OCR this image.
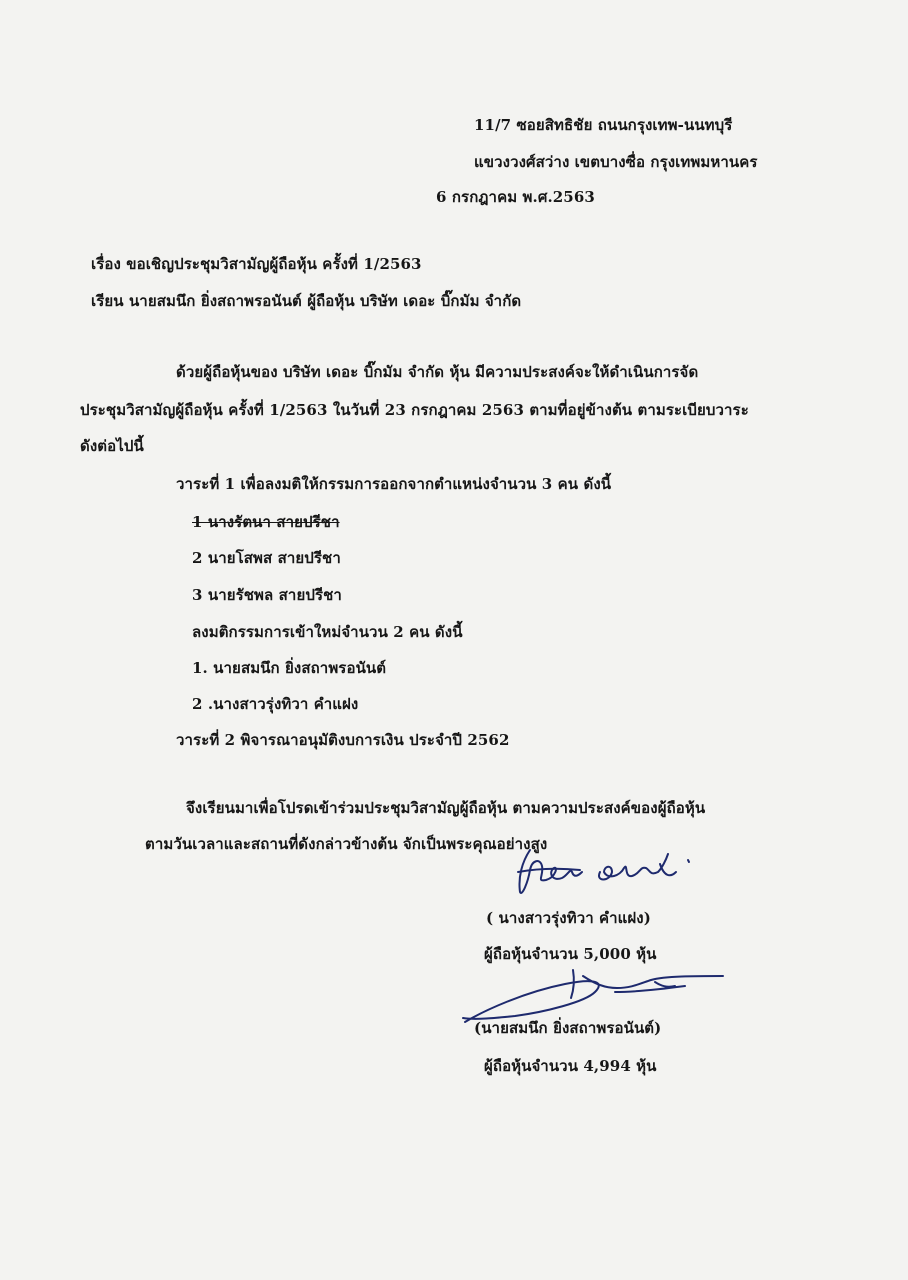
11/7 ซอยสิทธิชัย ถนนกรุงเทพ-นนทบุรี
แขวงวงศ์สว่าง เขตบางซื่อ กรุงเทพมหานคร
6 กรกฎาคม พ.ศ.2563
เรื่อง ขอเชิญประชุมวิสามัญผู้ถือหุ้น ครั้งที่ 1/2563
เรียน นายสมนึก ยิ่งสถาพรอนันต์ ผู้ถือหุ้น บริษัท เดอะ บิ๊กมัม จำกัด
ด้วยผู้ถือหุ้นของ บริษัท เดอะ บิ๊กมัม จำกัด หุ้น มีความประสงค์จะให้ดำเนินการจัด
ประชุมวิสามัญผู้ถือหุ้น ครั้งที่ 1/2563 ในวันที่ 23 กรกฎาคม 2563 ตามที่อยู่ข้างต้น ตามระเบียบวาระ
ดังต่อไปนี้
วาระที่ 1 เพื่อลงมติให้กรรมการออกจากตำแหน่งจำนวน 3 คน ดังนี้
1 นางรัตนา สายปรีชา
2 นายโสพส สายปรีชา
3 นายรัชพล สายปรีชา
ลงมติกรรมการเข้าใหม่จำนวน 2 คน ดังนี้
1. นายสมนึก ยิ่งสถาพรอนันต์
2 .นางสาวรุ่งทิวา คำแฝง
วาระที่ 2 พิจารณาอนุมัติงบการเงิน ประจำปี 2562
จึงเรียนมาเพื่อโปรดเข้าร่วมประชุมวิสามัญผู้ถือหุ้น ตามความประสงค์ของผู้ถือหุ้น
ตามวันเวลาและสถานที่ดังกล่าวข้างต้น จักเป็นพระคุณอย่างสูง
( นางสาวรุ่งทิวา คำแฝง)
ผู้ถือหุ้นจำนวน 5,000 หุ้น
(นายสมนึก ยิ่งสถาพรอนันต์)
ผู้ถือหุ้นจำนวน 4,994 หุ้น
